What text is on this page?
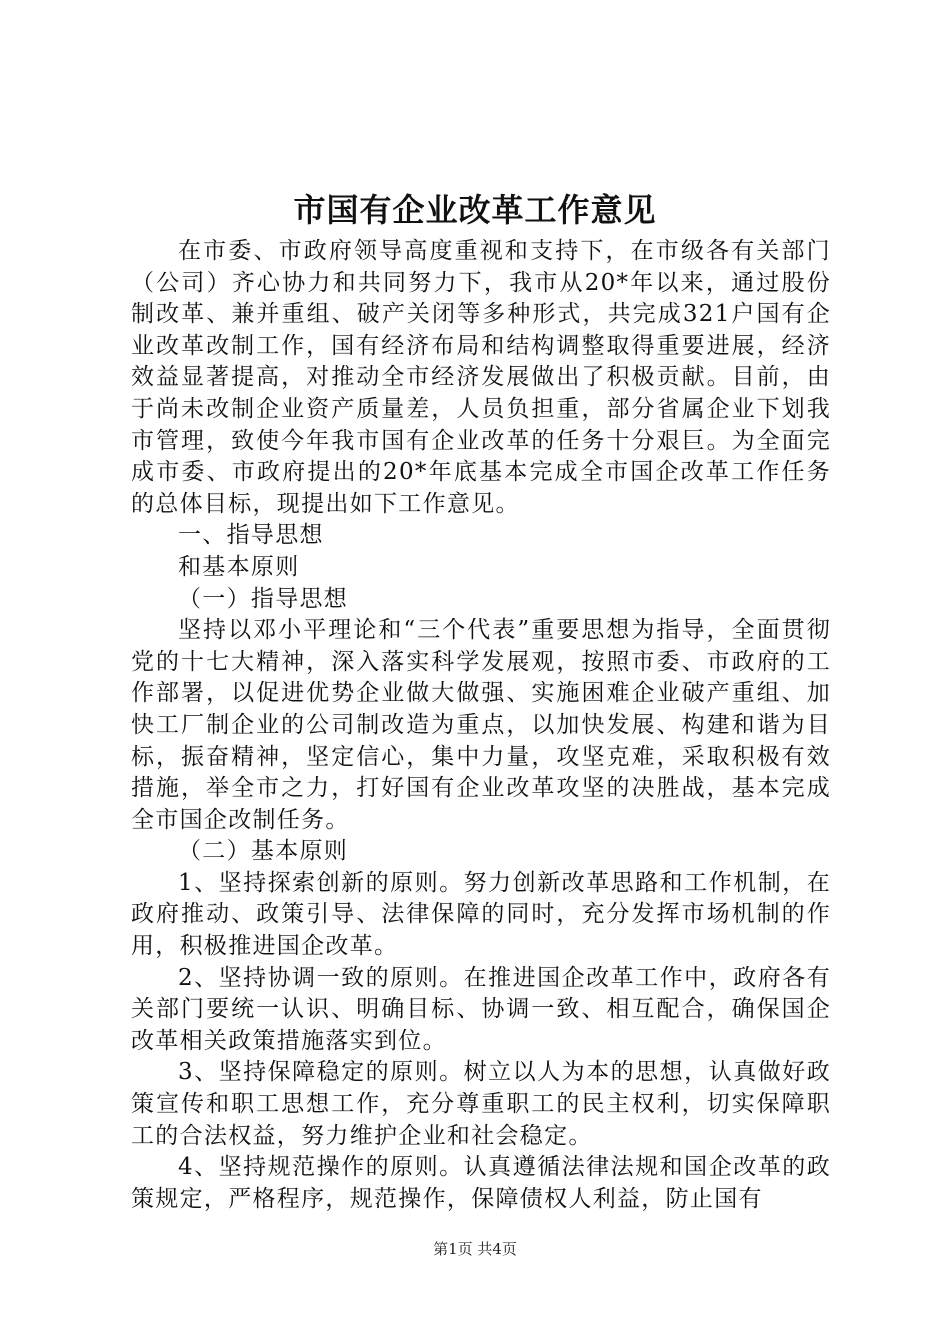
市国有企业改革工作意见

在市委、市政府领导高度重视和支持下，在市级各有关部门（公司）齐心协力和共同努力下，我市从20*年以来，通过股份制改革、兼并重组、破产关闭等多种形式，共完成321户国有企业改革改制工作，国有经济布局和结构调整取得重要进展，经济效益显著提高，对推动全市经济发展做出了积极贡献。目前，由于尚未改制企业资产质量差，人员负担重，部分省属企业下划我市管理，致使今年我市国有企业改革的任务十分艰巨。为全面完成市委、市政府提出的20*年底基本完成全市国企改革工作任务的总体目标，现提出如下工作意见。

一、指导思想

和基本原则

（一）指导思想

坚持以邓小平理论和“三个代表”重要思想为指导，全面贯彻党的十七大精神，深入落实科学发展观，按照市委、市政府的工作部署，以促进优势企业做大做强、实施困难企业破产重组、加快工厂制企业的公司制改造为重点，以加快发展、构建和谐为目标，振奋精神，坚定信心，集中力量，攻坚克难，采取积极有效措施，举全市之力，打好国有企业改革攻坚的决胜战，基本完成全市国企改制任务。

（二）基本原则

1、坚持探索创新的原则。努力创新改革思路和工作机制，在政府推动、政策引导、法律保障的同时，充分发挥市场机制的作用，积极推进国企改革。

2、坚持协调一致的原则。在推进国企改革工作中，政府各有关部门要统一认识、明确目标、协调一致、相互配合，确保国企改革相关政策措施落实到位。

3、坚持保障稳定的原则。树立以人为本的思想，认真做好政策宣传和职工思想工作，充分尊重职工的民主权利，切实保障职工的合法权益，努力维护企业和社会稳定。

4、坚持规范操作的原则。认真遵循法律法规和国企改革的政策规定，严格程序，规范操作，保障债权人利益，防止国有

第1页 共4页
